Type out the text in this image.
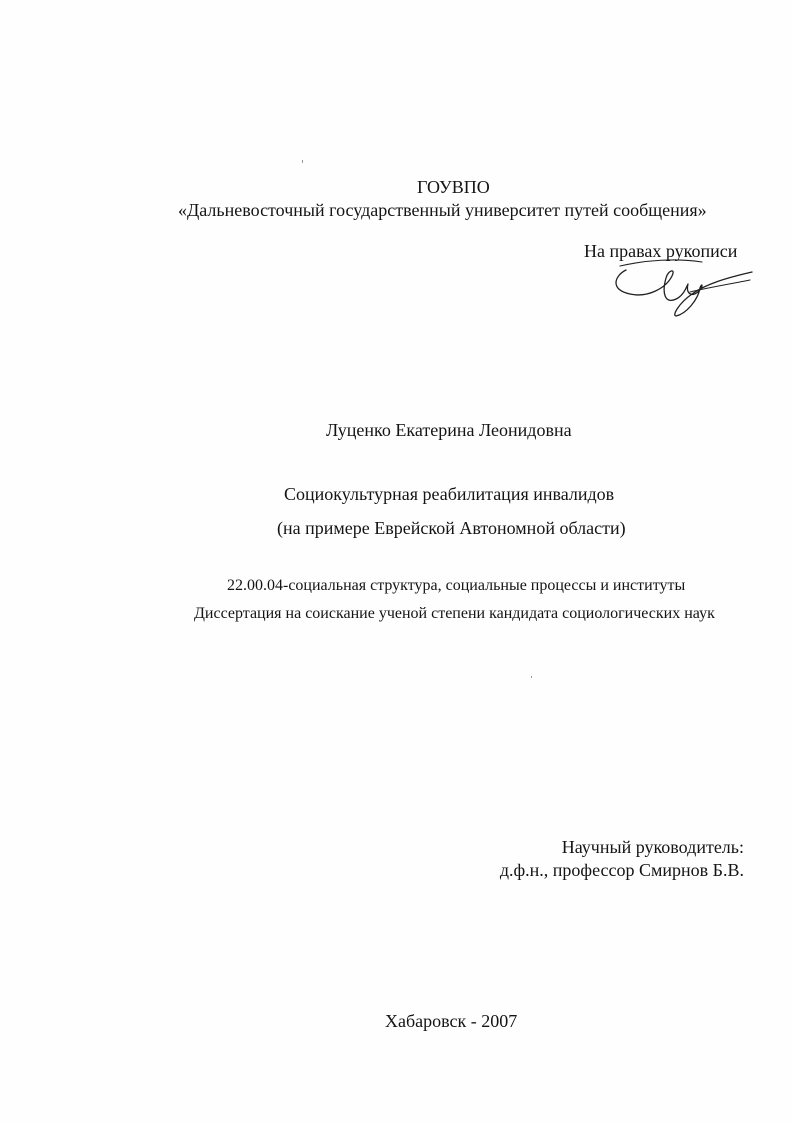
ГОУВПО
«Дальневосточный государственный университет путей сообщения»
На правах рукописи
Луценко Екатерина Леонидовна
Социокультурная реабилитация инвалидов
(на примере Еврейской Автономной области)
22.00.04-социальная структура, социальные процессы и институты
Диссертация на соискание ученой степени кандидата социологических наук
Научный руководитель:
д.ф.н., профессор Смирнов Б.В.
Хабаровск - 2007
